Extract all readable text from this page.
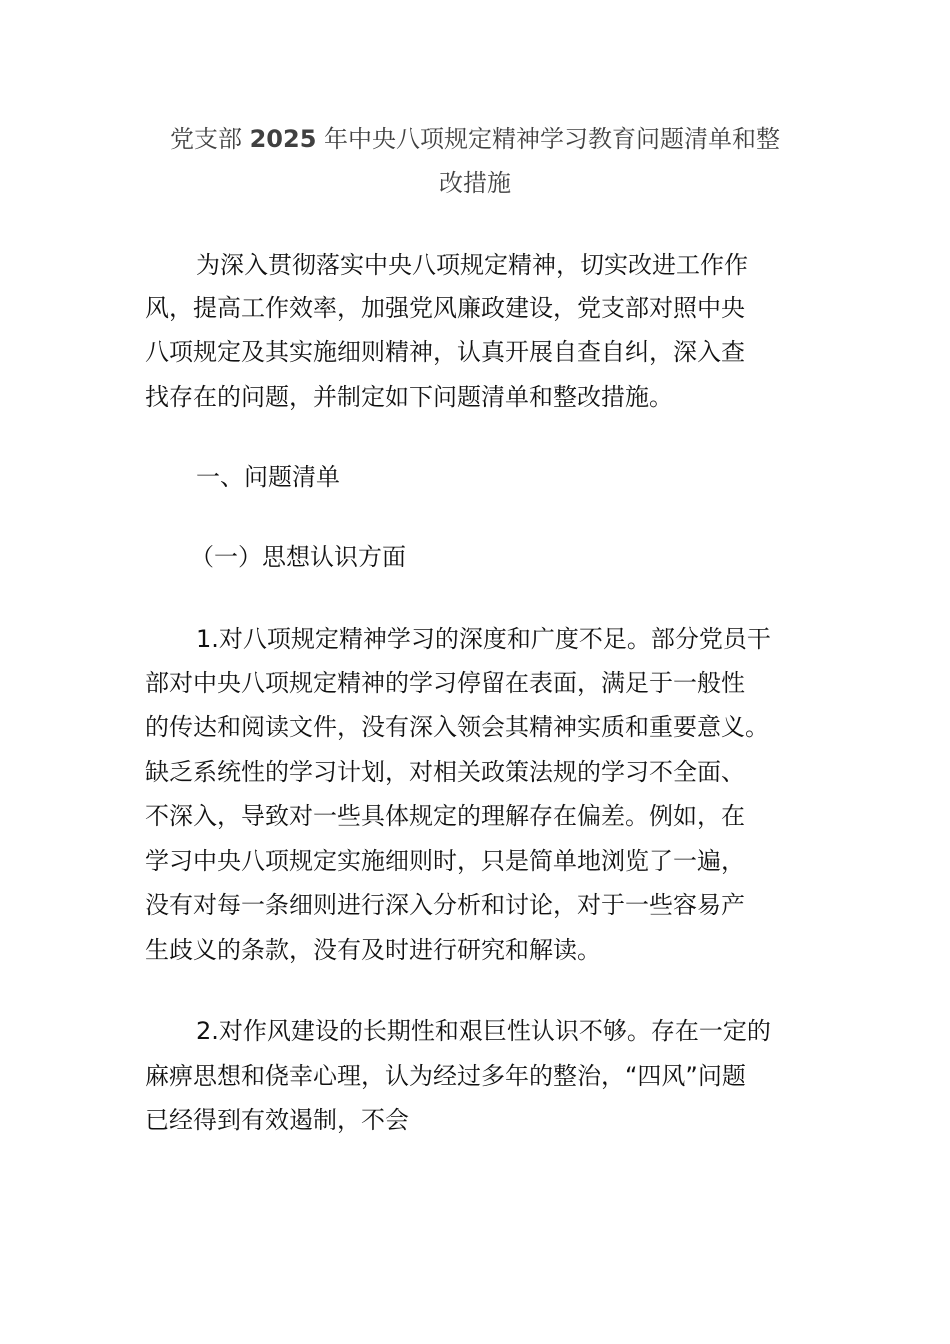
党支部 2025 年中央八项规定精神学习教育问题清单和整
改措施
为深入贯彻落实中央八项规定精神，切实改进工作作
风，提高工作效率，加强党风廉政建设，党支部对照中央
八项规定及其实施细则精神，认真开展自查自纠，深入查
找存在的问题，并制定如下问题清单和整改措施。
一、问题清单
（一）思想认识方面
1.对八项规定精神学习的深度和广度不足。部分党员干
部对中央八项规定精神的学习停留在表面，满足于一般性
的传达和阅读文件，没有深入领会其精神实质和重要意义。
缺乏系统性的学习计划，对相关政策法规的学习不全面、
不深入，导致对一些具体规定的理解存在偏差。例如，在
学习中央八项规定实施细则时，只是简单地浏览了一遍，
没有对每一条细则进行深入分析和讨论，对于一些容易产
生歧义的条款，没有及时进行研究和解读。
2.对作风建设的长期性和艰巨性认识不够。存在一定的
麻痹思想和侥幸心理，认为经过多年的整治，“四风”问题
已经得到有效遏制，不会
